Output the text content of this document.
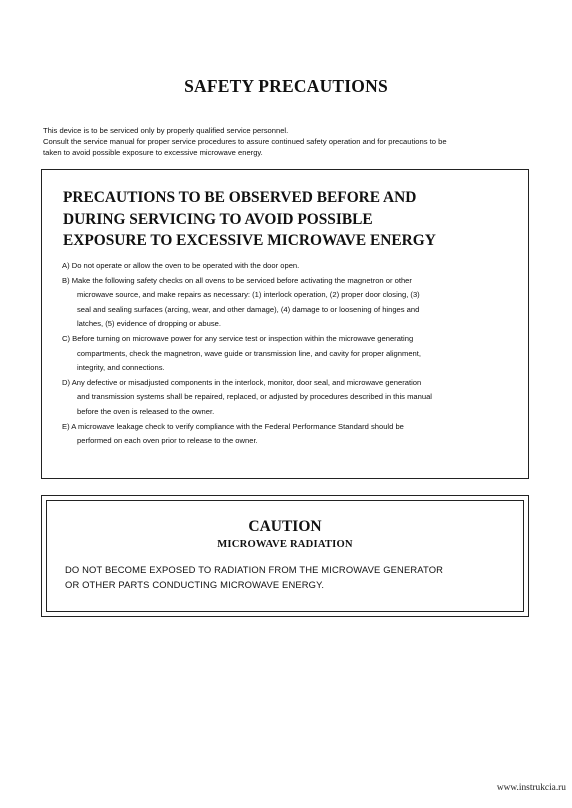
SAFETY PRECAUTIONS
This device is to be serviced only by properly qualified service personnel.
Consult the service manual for proper service procedures to assure continued safety operation and for precautions to be
taken to avoid possible exposure to excessive microwave energy.
PRECAUTIONS TO BE OBSERVED BEFORE AND
DURING SERVICING TO AVOID POSSIBLE
EXPOSURE TO EXCESSIVE MICROWAVE ENERGY
A) Do not operate or allow the oven to be operated with the door open.
B) Make the following safety checks on all ovens to be serviced before activating the magnetron or other
microwave source, and make repairs as necessary: (1) interlock operation, (2) proper door closing, (3)
seal and sealing surfaces (arcing, wear, and other damage), (4) damage to or loosening of hinges and
latches, (5) evidence of dropping or abuse.
C) Before turning on microwave power for any service test or inspection within the microwave generating
compartments, check the magnetron, wave guide or transmission line, and cavity for proper alignment,
integrity, and connections.
D) Any defective or misadjusted components in the interlock, monitor, door seal, and microwave generation
and transmission systems shall be repaired, replaced, or adjusted by procedures described in this manual
before the oven is released to the owner.
E) A microwave leakage check to verify compliance with the Federal Performance Standard should be
performed on each oven prior to release to the owner.
CAUTION
MICROWAVE RADIATION
DO NOT BECOME EXPOSED TO RADIATION FROM THE MICROWAVE GENERATOR
OR OTHER PARTS CONDUCTING MICROWAVE ENERGY.
www.instrukcia.ru
